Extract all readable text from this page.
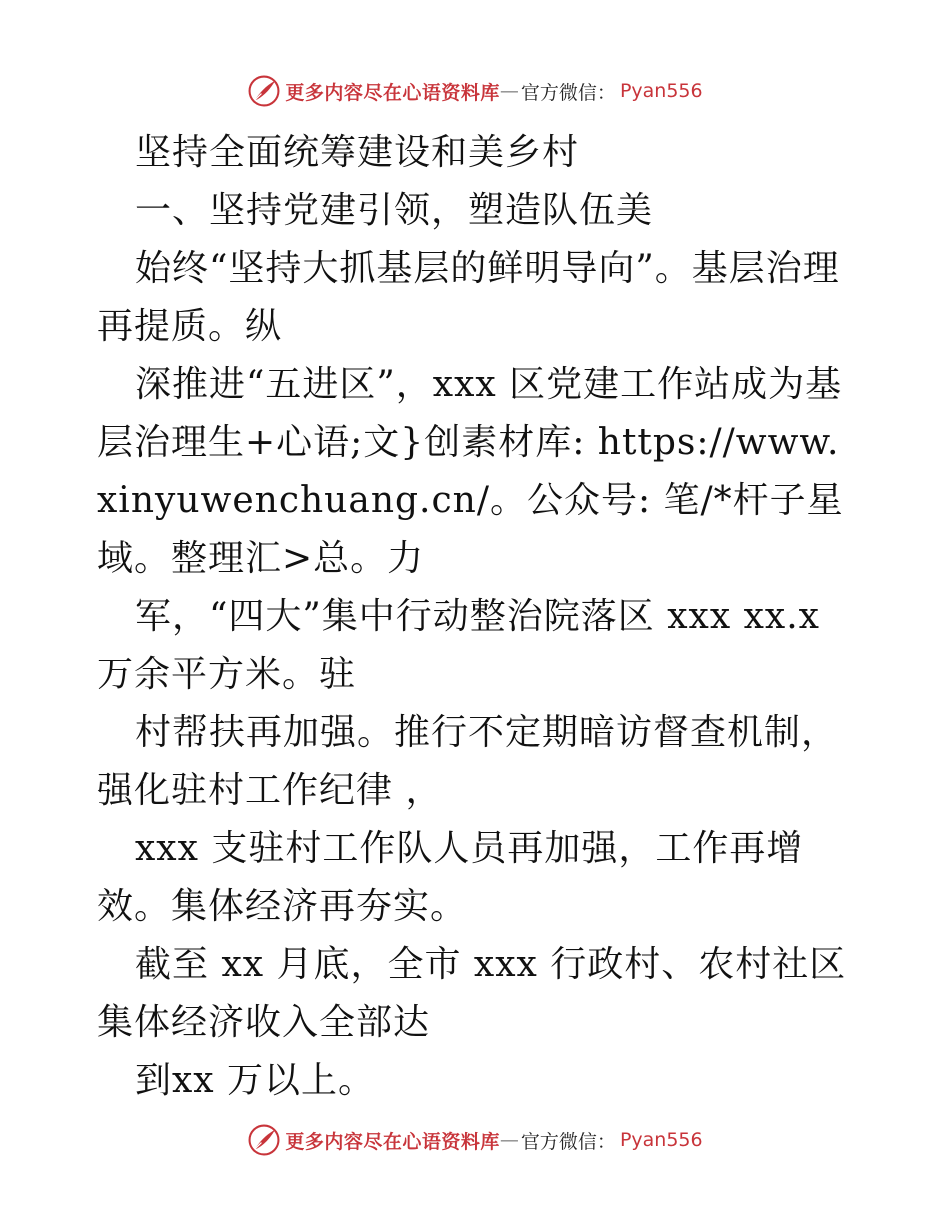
更多内容尽在心语资料库 — 官方微信： Pyan556

坚持全面统筹建设和美乡村

一、坚持党建引领，塑造队伍美

始终“坚持大抓基层的鲜明导向”。基层治理再提质。纵

深推进“五进区”，xxx 区党建工作站成为基层治理生+心语;文}创素材库: https://www.xinyuwenchuang.cn/。公众号: 笔/*杆子星域。整理汇>总。力

军，“四大”集中行动整治院落区 xxx xx.x 万余平方米。驻

村帮扶再加强。推行不定期暗访督查机制，强化驻村工作纪律 ，

xxx 支驻村工作队人员再加强，工作再增效。集体经济再夯实。

截至 xx 月底，全市 xxx 行政村、农村社区集体经济收入全部达

到xx 万以上。

更多内容尽在心语资料库 — 官方微信： Pyan556
